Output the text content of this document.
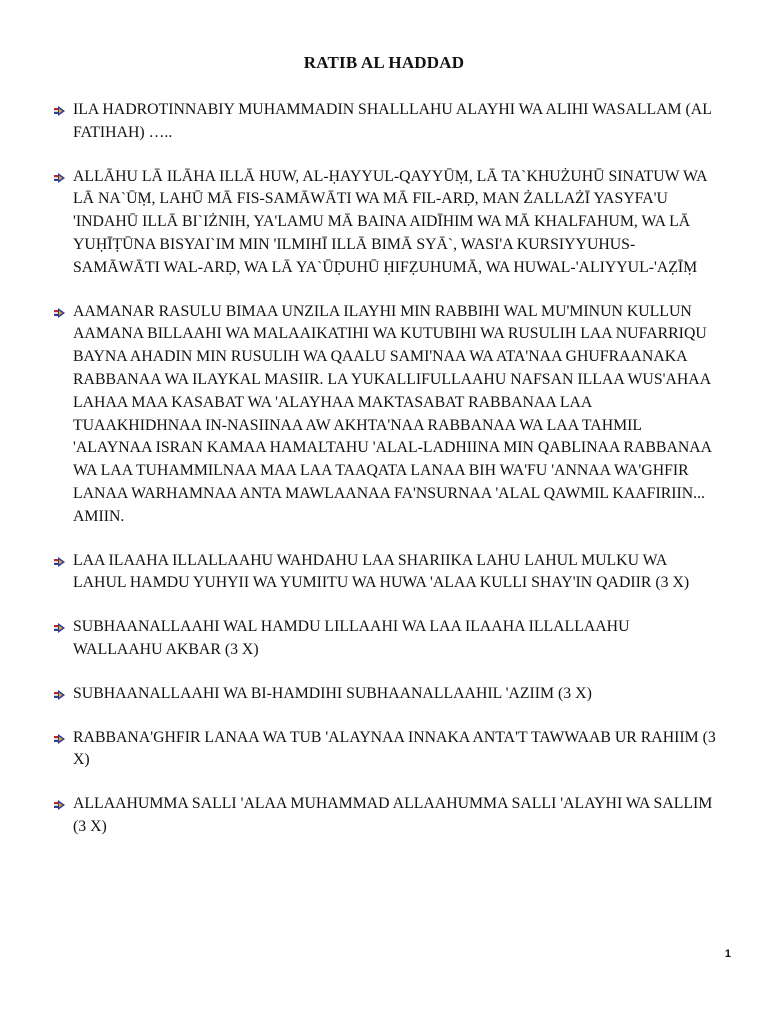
RATIB AL HADDAD
ILA HADROTINNABIY MUHAMMADIN SHALLLAHU ALAYHI WA ALIHI WASALLAM (AL FATIHAH) …..
ALLĀHU LĀ ILĀHA ILLĀ HUW, AL-ḤAYYUL-QAYYŪṂ, LĀ TA`KHUŻUHŪ SINATUW WA LĀ NA`ŪṂ, LAHŪ MĀ FIS-SAMĀWĀTI WA MĀ FIL-ARḌ, MAN ŻALLAŻĪ YASYFA'U 'INDAHŪ ILLĀ BI`IŻNIH, YA'LAMU MĀ BAINA AIDĪHIM WA MĀ KHALFAHUM, WA LĀ YUḤĪṬŪNA BISYAI`IM MIN 'ILMIHĪ ILLĀ BIMĀ SYĀ`, WASI'A KURSIYYUHUS-SAMĀWĀTI WAL-ARḌ, WA LĀ YA`ŪḌUHŪ ḤIFẒUHUMĀ, WA HUWAL-'ALIYYUL-'AẒĪṂ
AAMANAR RASULU BIMAA UNZILA ILAYHI MIN RABBIHI WAL MU'MINUN KULLUN AAMANA BILLAAHI WA MALAAIKATIHI WA KUTUBIHI WA RUSULIH LAA NUFARRIQU BAYNA AHADIN MIN RUSULIH WA QAALU SAMI'NAA WA ATA'NAA GHUFRAANAKA RABBANAA WA ILAYKAL MASIIR. LA YUKALLIFULLAAHU NAFSAN ILLAA WUS'AHAA LAHAA MAA KASABAT WA 'ALAYHAA MAKTASABAT RABBANAA LAA TUAAKHIDHNAA IN-NASIINAA AW AKHTA'NAA RABBANAA WA LAA TAHMIL 'ALAYNAA ISRAN KAMAA HAMALTAHU 'ALAL-LADHIINA MIN QABLINAA RABBANAA WA LAA TUHAMMILNAA MAA LAA TAAQATA LANAA BIH WA'FU 'ANNAA WA'GHFIR LANAA WARHAMNAA ANTA MAWLAANAA FA'NSURNAA 'ALAL QAWMIL KAAFIRIIN... AMIIN.
LAA ILAAHA ILLALLAAHU WAHDAHU LAA SHARIIKA LAHU LAHUL MULKU WA LAHUL HAMDU YUHYII WA YUMIITU WA HUWA 'ALAA KULLI SHAY'IN QADIIR (3 X)
SUBHAANALLAAHI WAL HAMDU LILLAAHI WA LAA ILAAHA ILLALLAAHU WALLAAHU AKBAR (3 X)
SUBHAANALLAAHI WA BI-HAMDIHI SUBHAANALLAAHIL 'AZIIM (3 X)
RABBANA'GHFIR LANAA WA TUB 'ALAYNAA INNAKA ANTA'T TAWWAAB UR RAHIIM (3 X)
ALLAAHUMMA SALLI 'ALAA MUHAMMAD ALLAAHUMMA SALLI 'ALAYHI WA SALLIM (3 X)
1
